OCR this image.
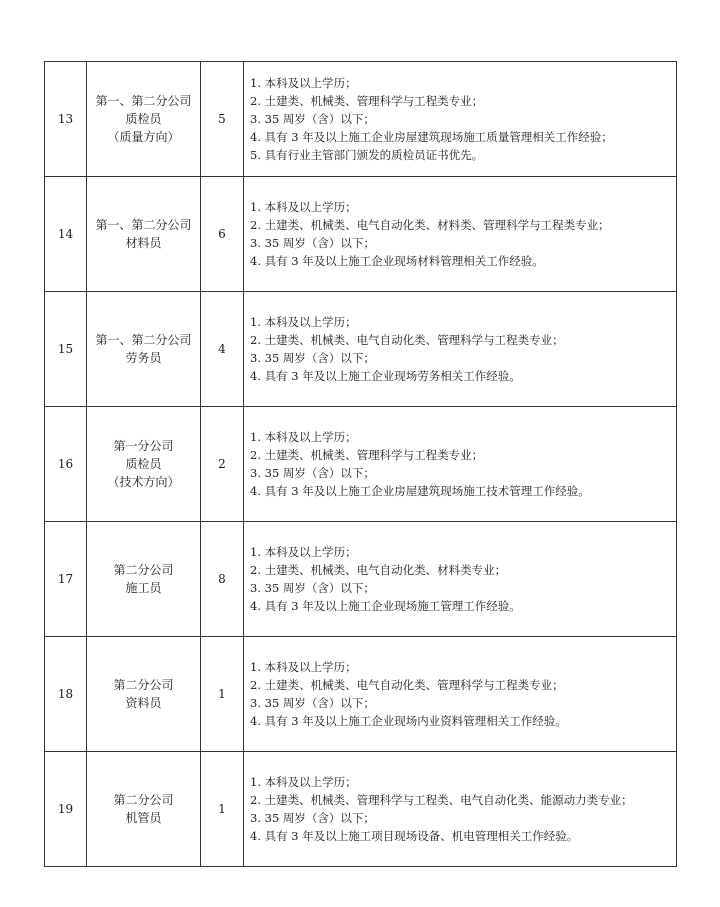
13	第一、第二分公司
质检员
（质量方向）	5	1. 本科及以上学历；
2. 土建类、机械类、管理科学与工程类专业；
3. 35 周岁（含）以下；
4. 具有 3 年及以上施工企业房屋建筑现场施工质量管理相关工作经验；
5. 具有行业主管部门颁发的质检员证书优先。

14	第一、第二分公司
材料员	6	1. 本科及以上学历；
2. 土建类、机械类、电气自动化类、材料类、管理科学与工程类专业；
3. 35 周岁（含）以下；
4. 具有 3 年及以上施工企业现场材料管理相关工作经验。

15	第一、第二分公司
劳务员	4	1. 本科及以上学历；
2. 土建类、机械类、电气自动化类、管理科学与工程类专业；
3. 35 周岁（含）以下；
4. 具有 3 年及以上施工企业现场劳务相关工作经验。

16	第一分公司
质检员
（技术方向）	2	1. 本科及以上学历；
2. 土建类、机械类、管理科学与工程类专业；
3. 35 周岁（含）以下；
4. 具有 3 年及以上施工企业房屋建筑现场施工技术管理工作经验。

17	第二分公司
施工员	8	1. 本科及以上学历；
2. 土建类、机械类、电气自动化类、材料类专业；
3. 35 周岁（含）以下；
4. 具有 3 年及以上施工企业现场施工管理工作经验。

18	第二分公司
资料员	1	1. 本科及以上学历；
2. 土建类、机械类、电气自动化类、管理科学与工程类专业；
3. 35 周岁（含）以下；
4. 具有 3 年及以上施工企业现场内业资料管理相关工作经验。

19	第二分公司
机管员	1	1. 本科及以上学历；
2. 土建类、机械类、管理科学与工程类、电气自动化类、能源动力类专业；
3. 35 周岁（含）以下；
4. 具有 3 年及以上施工项目现场设备、机电管理相关工作经验。
